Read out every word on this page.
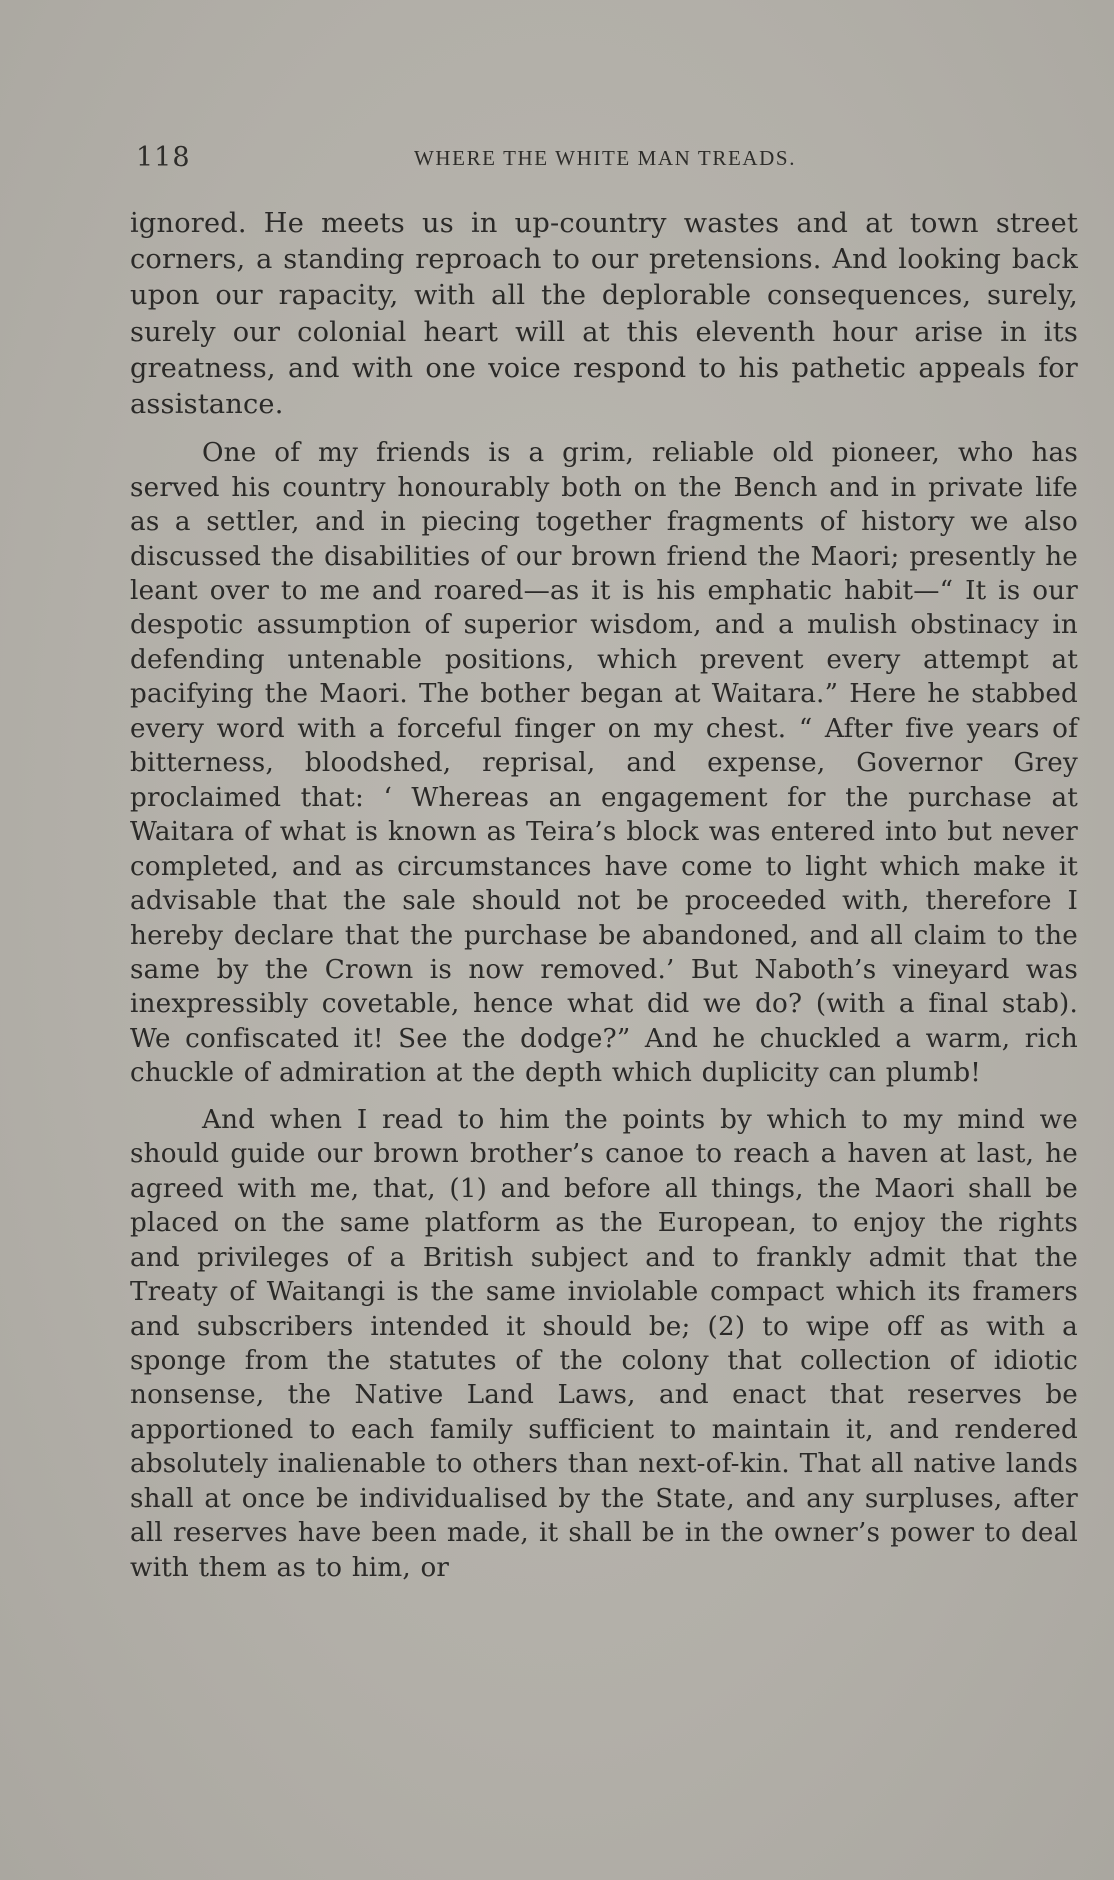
118	WHERE THE WHITE MAN TREADS.

ignored. He meets us in up-country wastes and at town street corners, a standing reproach to our pretensions. And looking back upon our rapacity, with all the deplorable consequences, surely, surely our colonial heart will at this eleventh hour arise in its greatness, and with one voice respond to his pathetic appeals for assistance.

One of my friends is a grim, reliable old pioneer, who has served his country honourably both on the Bench and in private life as a settler, and in piecing together fragments of history we also discussed the disabilities of our brown friend the Maori; presently he leant over to me and roared—as it is his emphatic habit—“ It is our despotic assumption of superior wisdom, and a mulish obstinacy in defending untenable positions, which prevent every attempt at pacifying the Maori. The bother began at Waitara.” Here he stabbed every word with a forceful finger on my chest. “ After five years of bitterness, bloodshed, reprisal, and expense, Governor Grey proclaimed that: ‘ Whereas an engagement for the purchase at Waitara of what is known as Teira’s block was entered into but never completed, and as circumstances have come to light which make it advisable that the sale should not be proceeded with, therefore I hereby declare that the purchase be abandoned, and all claim to the same by the Crown is now removed.’ But Naboth’s vineyard was inexpressibly covetable, hence what did we do? (with a final stab). We confiscated it! See the dodge?” And he chuckled a warm, rich chuckle of admiration at the depth which duplicity can plumb!

And when I read to him the points by which to my mind we should guide our brown brother’s canoe to reach a haven at last, he agreed with me, that, (1) and before all things, the Maori shall be placed on the same platform as the European, to enjoy the rights and privileges of a British subject and to frankly admit that the Treaty of Waitangi is the same inviolable compact which its framers and subscribers intended it should be; (2) to wipe off as with a sponge from the statutes of the colony that collection of idiotic nonsense, the Native Land Laws, and enact that reserves be apportioned to each family sufficient to maintain it, and rendered absolutely inalienable to others than next-of-kin. That all native lands shall at once be individualised by the State, and any surpluses, after all reserves have been made, it shall be in the owner’s power to deal with them as to him, or
